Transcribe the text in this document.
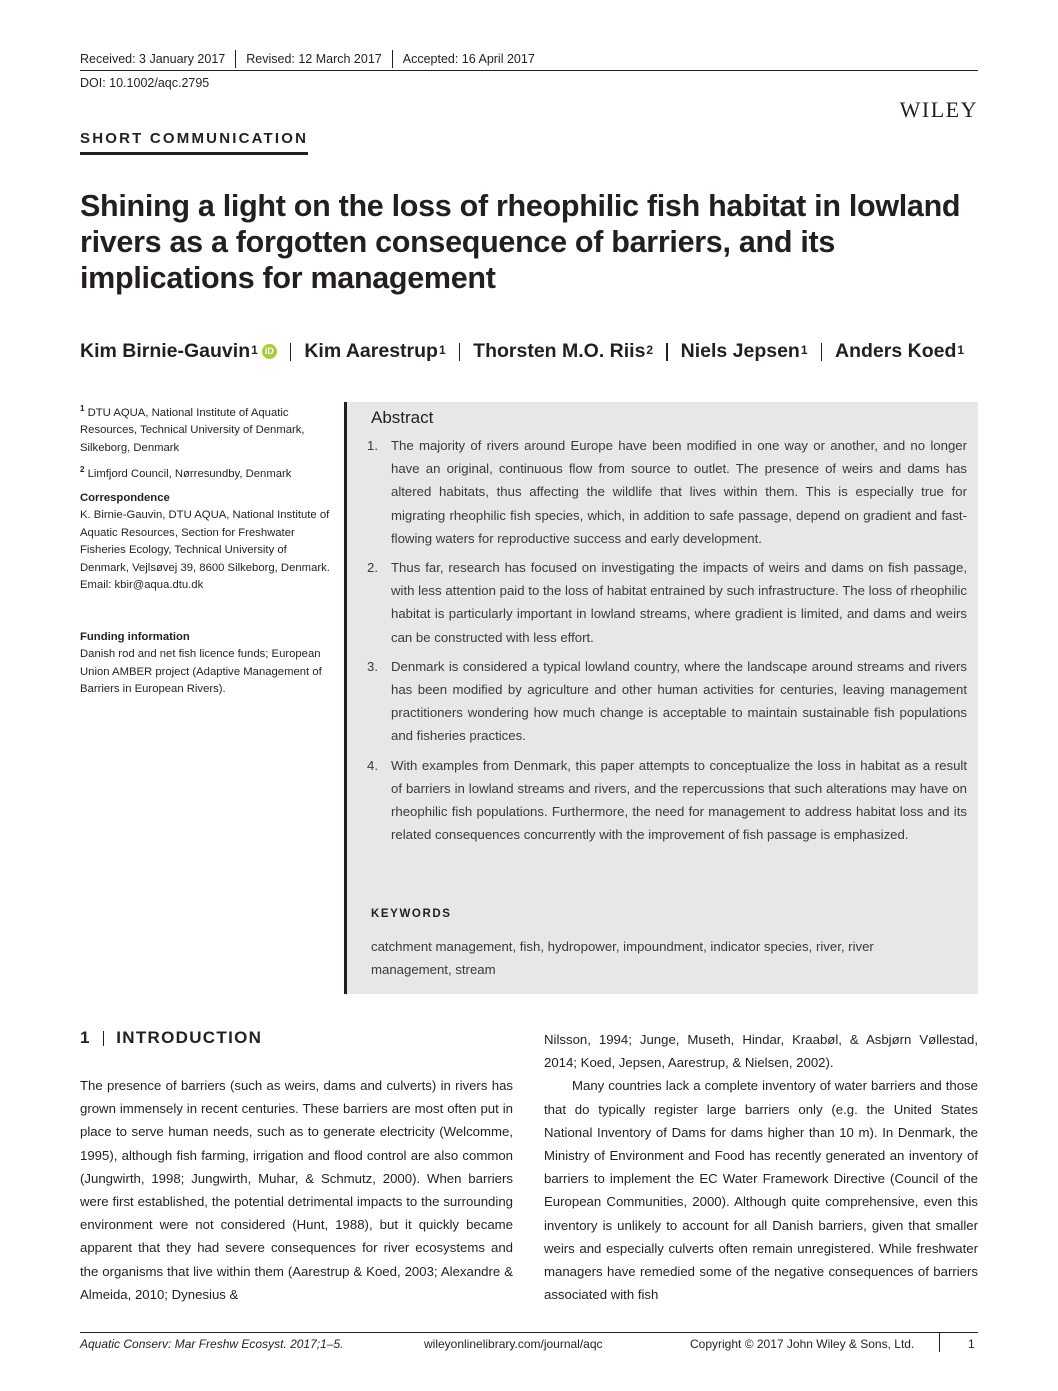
Received: 3 January 2017 Revised: 12 March 2017 Accepted: 16 April 2017
DOI: 10.1002/aqc.2795
WILEY
SHORT COMMUNICATION
Shining a light on the loss of rheophilic fish habitat in lowland rivers as a forgotten consequence of barriers, and its implications for management
Kim Birnie-Gauvin$^1$ iD Kim Aarestrup$^1$ Thorsten M.O. Riis$^2$ Niels Jepsen$^1$ Anders Koed$^1$

$^1$ DTU AQUA, National Institute of Aquatic Resources, Technical University of Denmark, Silkeborg, Denmark

$^2$ Limfjord Council, Nørresundby, Denmark

Correspondence

K. Birnie-Gauvin, DTU AQUA, National Institute of Aquatic Resources, Section for Freshwater Fisheries Ecology, Technical University of Denmark, Vejlsøvej 39, 8600 Silkeborg, Denmark.

Email: kbir@aqua.dtu.dk

Funding information

Danish rod and net fish licence funds; European Union AMBER project (Adaptive Management of Barriers in European Rivers).

Abstract
1. The majority of rivers around Europe have been modified in one way or another, and no longer have an original, continuous flow from source to outlet. The presence of weirs and dams has altered habitats, thus affecting the wildlife that lives within them. This is especially true for migrating rheophilic fish species, which, in addition to safe passage, depend on gradient and fast-flowing waters for reproductive success and early development.
2. Thus far, research has focused on investigating the impacts of weirs and dams on fish passage, with less attention paid to the loss of habitat entrained by such infrastructure. The loss of rheophilic habitat is particularly important in lowland streams, where gradient is limited, and dams and weirs can be constructed with less effort.
3. Denmark is considered a typical lowland country, where the landscape around streams and rivers has been modified by agriculture and other human activities for centuries, leaving management practitioners wondering how much change is acceptable to maintain sustainable fish populations and fisheries practices.
4. With examples from Denmark, this paper attempts to conceptualize the loss in habitat as a result of barriers in lowland streams and rivers, and the repercussions that such alterations may have on rheophilic fish populations. Furthermore, the need for management to address habitat loss and its related consequences concurrently with the improvement of fish passage is emphasized.
KEYWORDS
catchment management, fish, hydropower, impoundment, indicator species, river, river management, stream
1 INTRODUCTION

The presence of barriers (such as weirs, dams and culverts) in rivers has grown immensely in recent centuries. These barriers are most often put in place to serve human needs, such as to generate electricity (Welcomme, 1995), although fish farming, irrigation and flood control are also common (Jungwirth, 1998; Jungwirth, Muhar, & Schmutz, 2000). When barriers were first established, the potential detrimental impacts to the surrounding environment were not considered (Hunt, 1988), but it quickly became apparent that they had severe consequences for river ecosystems and the organisms that live within them (Aarestrup & Koed, 2003; Alexandre & Almeida, 2010; Dynesius &

Nilsson, 1994; Junge, Museth, Hindar, Kraabøl, & Asbjørn Vøllestad, 2014; Koed, Jepsen, Aarestrup, & Nielsen, 2002).
Many countries lack a complete inventory of water barriers and those that do typically register large barriers only (e.g. the United States National Inventory of Dams for dams higher than 10 m). In Denmark, the Ministry of Environment and Food has recently generated an inventory of barriers to implement the EC Water Framework Directive (Council of the European Communities, 2000). Although quite comprehensive, even this inventory is unlikely to account for all Danish barriers, given that smaller weirs and especially culverts often remain unregistered. While freshwater managers have remedied some of the negative consequences of barriers associated with fish
Aquatic Conserv: Mar Freshw Ecosyst. 2017;1–5.	wileyonlinelibrary.com/journal/aqc	Copyright © 2017 John Wiley & Sons, Ltd.	1
